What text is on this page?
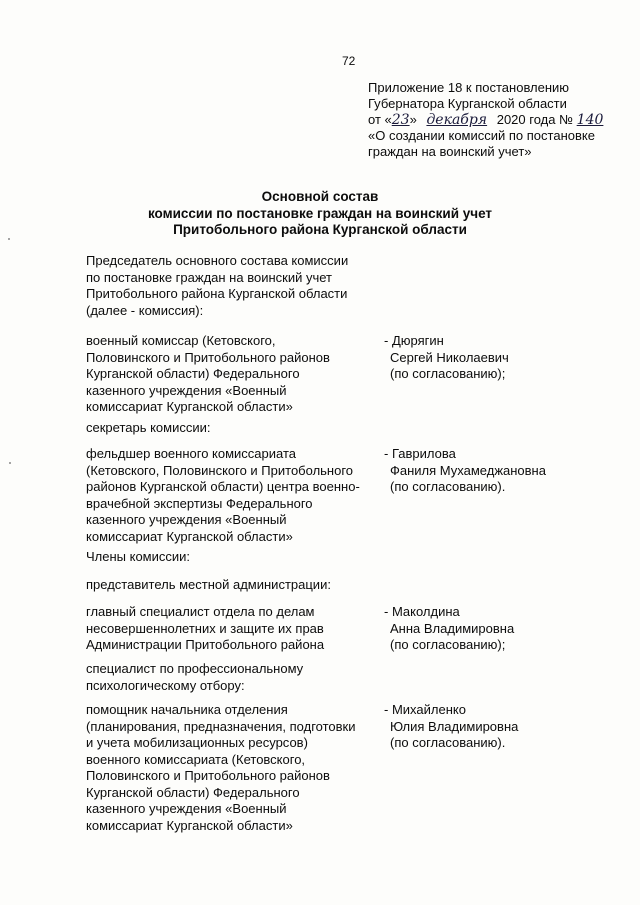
72
Приложение 18 к постановлению
Губернатора Курганской области
от «23» декабря 2020 года № 140
«О создании комиссий по постановке
граждан на воинский учет»
Основной состав
комиссии по постановке граждан на воинский учет
Притобольного района Курганской области
Председатель основного состава комиссии
по постановке граждан на воинский учет
Притобольного района Курганской области
(далее - комиссия):
военный комиссар (Кетовского,
Половинского и Притобольного районов
Курганской области) Федерального
казенного учреждения «Военный
комиссариат Курганской области»
- Дюрягин
Сергей Николаевич
(по согласованию);
секретарь комиссии:
фельдшер военного комиссариата
(Кетовского, Половинского и Притобольного
районов Курганской области) центра военно-
врачебной экспертизы Федерального
казенного учреждения «Военный
комиссариат Курганской области»
- Гаврилова
Фаниля Мухамеджановна
(по согласованию).
Члены комиссии:
представитель местной администрации:
главный специалист отдела по делам
несовершеннолетних и защите их прав
Администрации Притобольного района
- Маколдина
Анна Владимировна
(по согласованию);
специалист по профессиональному
психологическому отбору:
помощник начальника отделения
(планирования, предназначения, подготовки
и учета мобилизационных ресурсов)
военного комиссариата (Кетовского,
Половинского и Притобольного районов
Курганской области) Федерального
казенного учреждения «Военный
комиссариат Курганской области»
- Михайленко
Юлия Владимировна
(по согласованию).
